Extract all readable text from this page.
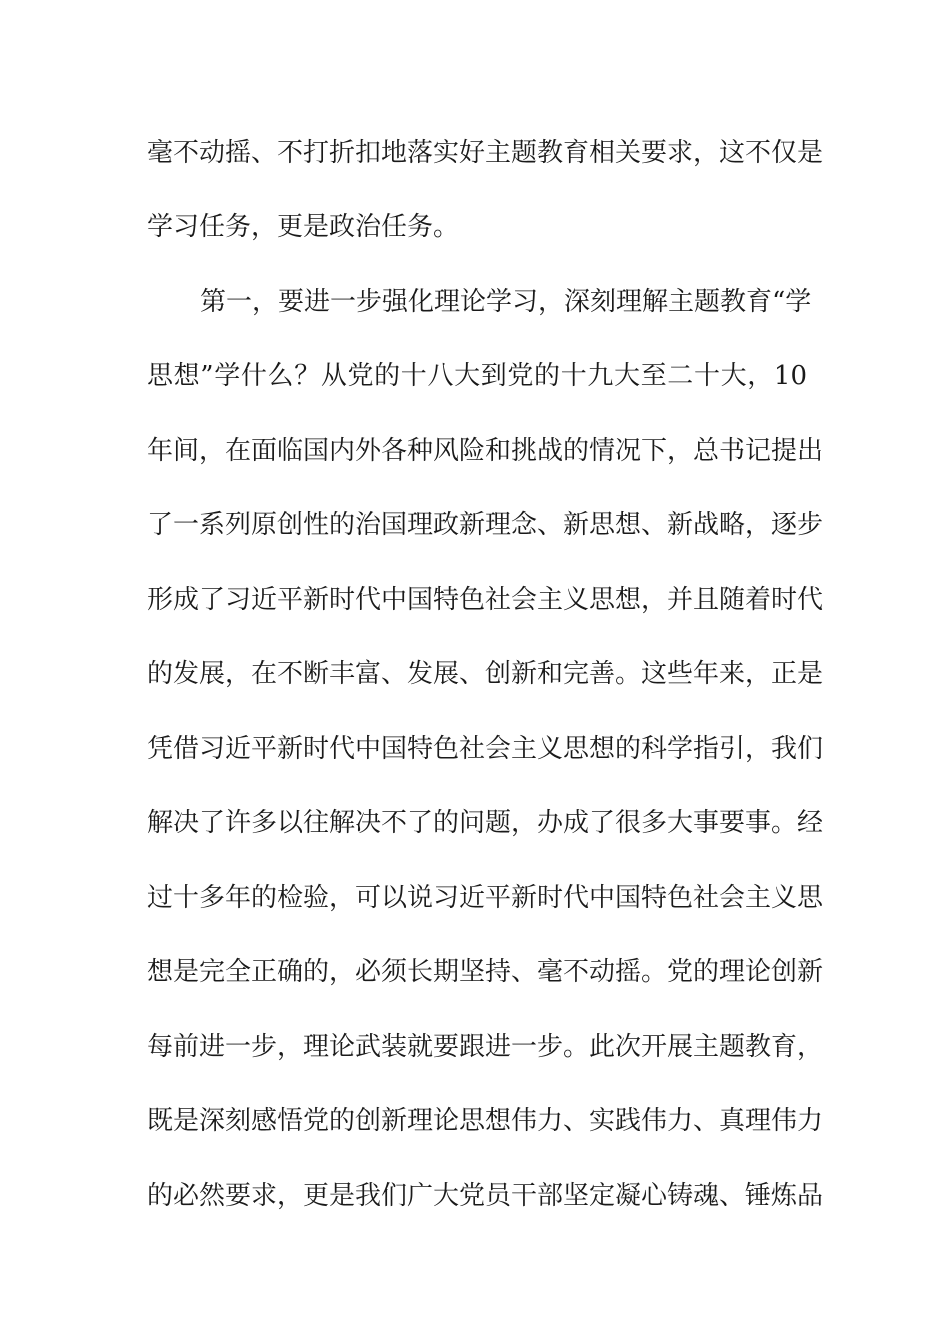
毫不动摇、不打折扣地落实好主题教育相关要求，这不仅是
学习任务，更是政治任务。
第一，要进一步强化理论学习，深刻理解主题教育“学
思想”学什么？从党的十八大到党的十九大至二十大，10
年间，在面临国内外各种风险和挑战的情况下，总书记提出
了一系列原创性的治国理政新理念、新思想、新战略，逐步
形成了习近平新时代中国特色社会主义思想，并且随着时代
的发展，在不断丰富、发展、创新和完善。这些年来，正是
凭借习近平新时代中国特色社会主义思想的科学指引，我们
解决了许多以往解决不了的问题，办成了很多大事要事。经
过十多年的检验，可以说习近平新时代中国特色社会主义思
想是完全正确的，必须长期坚持、毫不动摇。党的理论创新
每前进一步，理论武装就要跟进一步。此次开展主题教育，
既是深刻感悟党的创新理论思想伟力、实践伟力、真理伟力
的必然要求，更是我们广大党员干部坚定凝心铸魂、锤炼品
